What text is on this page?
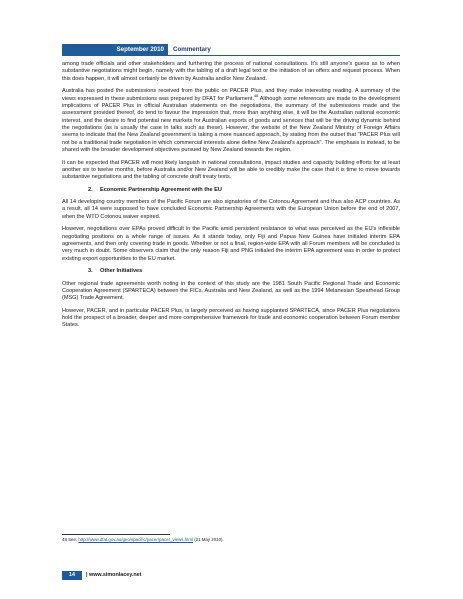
September 2010 Commentary

among trade officials and other stakeholders and furthering the process of national consultations. It's still anyone's guess as to when substantive negotiations might begin, namely with the tabling of a draft legal text or the initiation of an offers and request process. When this does happen, it will almost certainly be driven by Australia and/or New Zealand.

Australia has posted the submissions received from the public on PACER Plus, and they make interesting reading. A summary of the views expressed in these submissions was prepared by DFAT for Parliament.$^{48}$ Although some references are made to the development implications of PACER Plus in official Australian statements on the negotiations, the summary of the submissions made and the assessment provided thereof, do tend to favour the impression that, more than anything else, it will be the Australian national economic interest, and the desire to find potential new markets for Australian exports of goods and services that will be the driving dynamic behind the negotiations (as is usually the case in talks such as these). However, the website of the New Zealand Ministry of Foreign Affairs seems to indicate that the New Zealand government is taking a more nuanced approach, by stating from the outset that "PACER Plus will not be a traditional trade negotiation in which commercial interests alone define New Zealand's approach". The emphasis is instead, to be shared with the broader development objectives pursued by New Zealand towards the region.

It can be expected that PACER will most likely languish in national consultations, impact studies and capacity building efforts for at least another six to twelve months, before Australia and/or New Zealand will be able to credibly make the case that it is time to move towards substantive negotiations and the tabling of concrete draft treaty texts.

2. Economic Partnership Agreement with the EU

All 14 developing country members of the Pacific Forum are also signatories of the Cotonou Agreement and thus also ACP countries. As a result, all 14 were supposed to have concluded Economic Partnership Agreements with the European Union before the end of 2007, when the WTO Cotonou waiver expired.

However, negotiations over EPAs proved difficult in the Pacific amid persistent resistance to what was perceived as the EU's inflexible negotiating positions on a whole range of issues. As it stands today, only Fiji and Papua New Guinea have initialed interim EPA agreements, and then only covering trade in goods. Whether or not a final, region-wide EPA with all Forum members will be concluded is very much in doubt. Some observers claim that the only reason Fiji and PNG initialed the interim EPA agreement was in order to protect existing export opportunities to the EU market.

3. Other Initiatives

Other regional trade agreements worth noting in the context of this study are the 1981 South Pacific Regional Trade and Economic Cooperation Agreement (SPARTECA) between the FICs, Australia and New Zealand, as well as the 1994 Melanesian Spearhead Group (MSG) Trade Agreement.

However, PACER, and in particular PACER Plus, is largely perceived as having supplanted SPARTECA, since PACER Plus negotiations hold the prospect of a broader, deeper and more comprehensive framework for trade and economic cooperation between Forum member States.

48 See: http://www.dfat.gov.au/geo/spacific/pacer/pacer_views.html (21 May 2010).
14	| www.simonlacey.net
